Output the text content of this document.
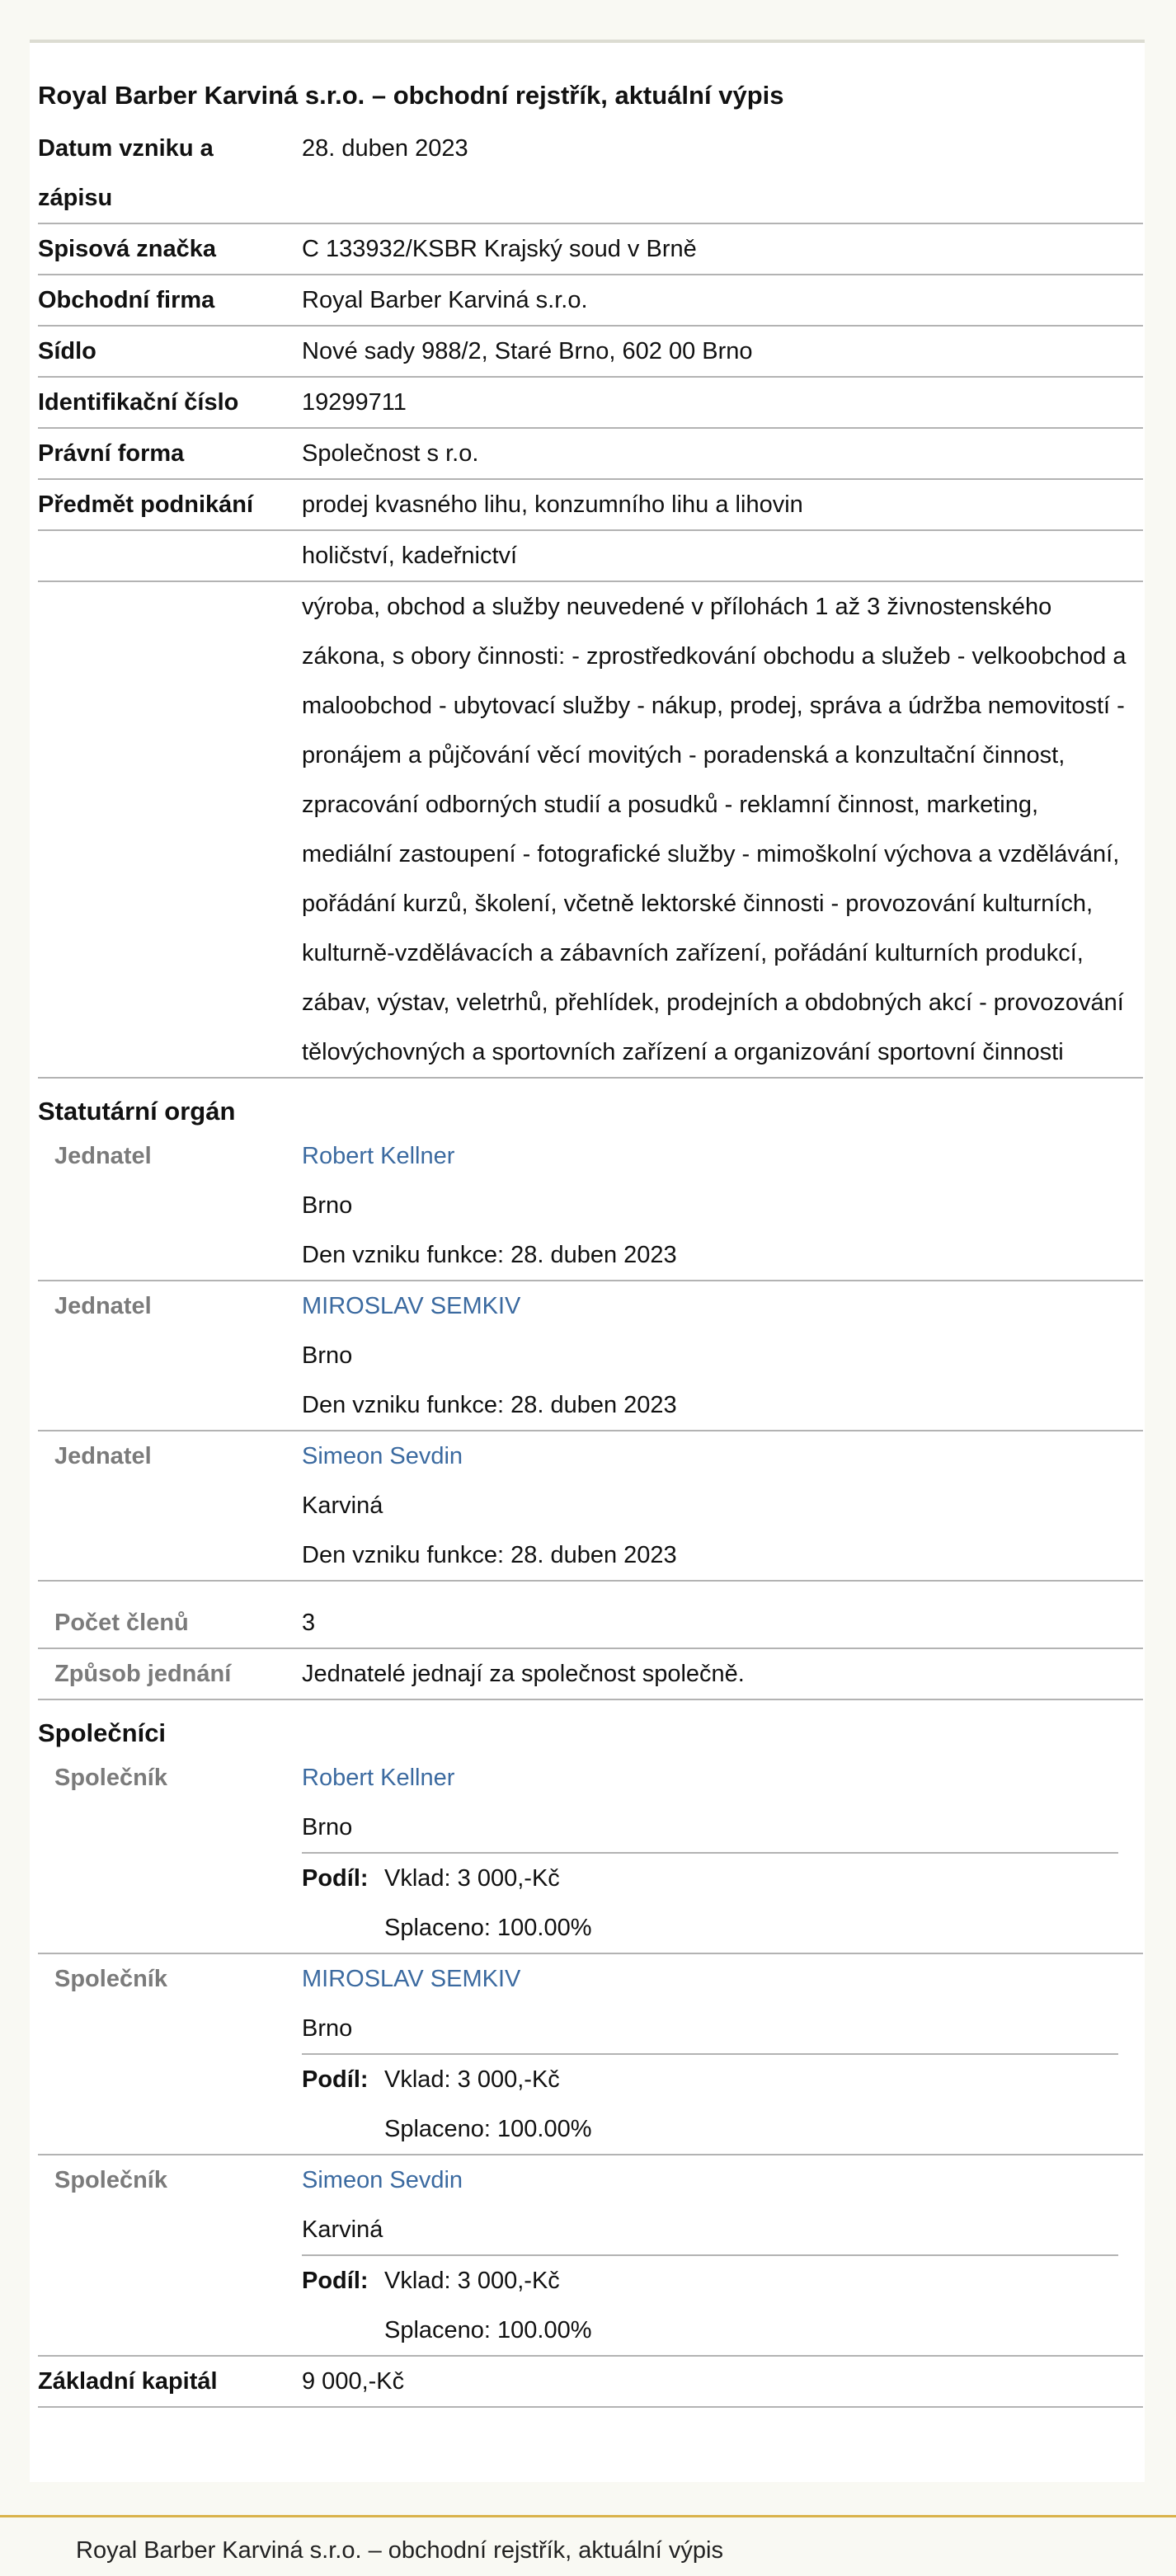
Royal Barber Karviná s.r.o. – obchodní rejstřík, aktuální výpis
Datum vzniku a zápisu
28. duben 2023
Spisová značka	C 133932/KSBR Krajský soud v Brně
Obchodní firma	Royal Barber Karviná s.r.o.
Sídlo	Nové sady 988/2, Staré Brno, 602 00 Brno
Identifikační číslo	19299711
Právní forma	Společnost s r.o.
Předmět podnikání	prodej kvasného lihu, konzumního lihu a lihovin
holičství, kadeřnictví
výroba, obchod a služby neuvedené v přílohách 1 až 3 živnostenského zákona, s obory činnosti: - zprostředkování obchodu a služeb - velkoobchod a maloobchod - ubytovací služby - nákup, prodej, správa a údržba nemovitostí - pronájem a půjčování věcí movitých - poradenská a konzultační činnost, zpracování odborných studií a posudků - reklamní činnost, marketing, mediální zastoupení - fotografické služby - mimoškolní výchova a vzdělávání, pořádání kurzů, školení, včetně lektorské činnosti - provozování kulturních, kulturně-vzdělávacích a zábavních zařízení, pořádání kulturních produkcí, zábav, výstav, veletrhů, přehlídek, prodejních a obdobných akcí - provozování tělovýchovných a sportovních zařízení a organizování sportovní činnosti
Statutární orgán
Jednatel	Robert Kellner
Brno
Den vzniku funkce: 28. duben 2023
Jednatel	MIROSLAV SEMKIV
Brno
Den vzniku funkce: 28. duben 2023
Jednatel	Simeon Sevdin
Karviná
Den vzniku funkce: 28. duben 2023
Počet členů	3
Způsob jednání	Jednatelé jednají za společnost společně.
Společníci
Společník	Robert Kellner
Brno
Podíl: Vklad: 3 000,-Kč
Splaceno: 100.00%
Společník	MIROSLAV SEMKIV
Brno
Podíl: Vklad: 3 000,-Kč
Splaceno: 100.00%
Společník	Simeon Sevdin
Karviná
Podíl: Vklad: 3 000,-Kč
Splaceno: 100.00%
Základní kapitál	9 000,-Kč
Royal Barber Karviná s.r.o. – obchodní rejstřík, aktuální výpis
